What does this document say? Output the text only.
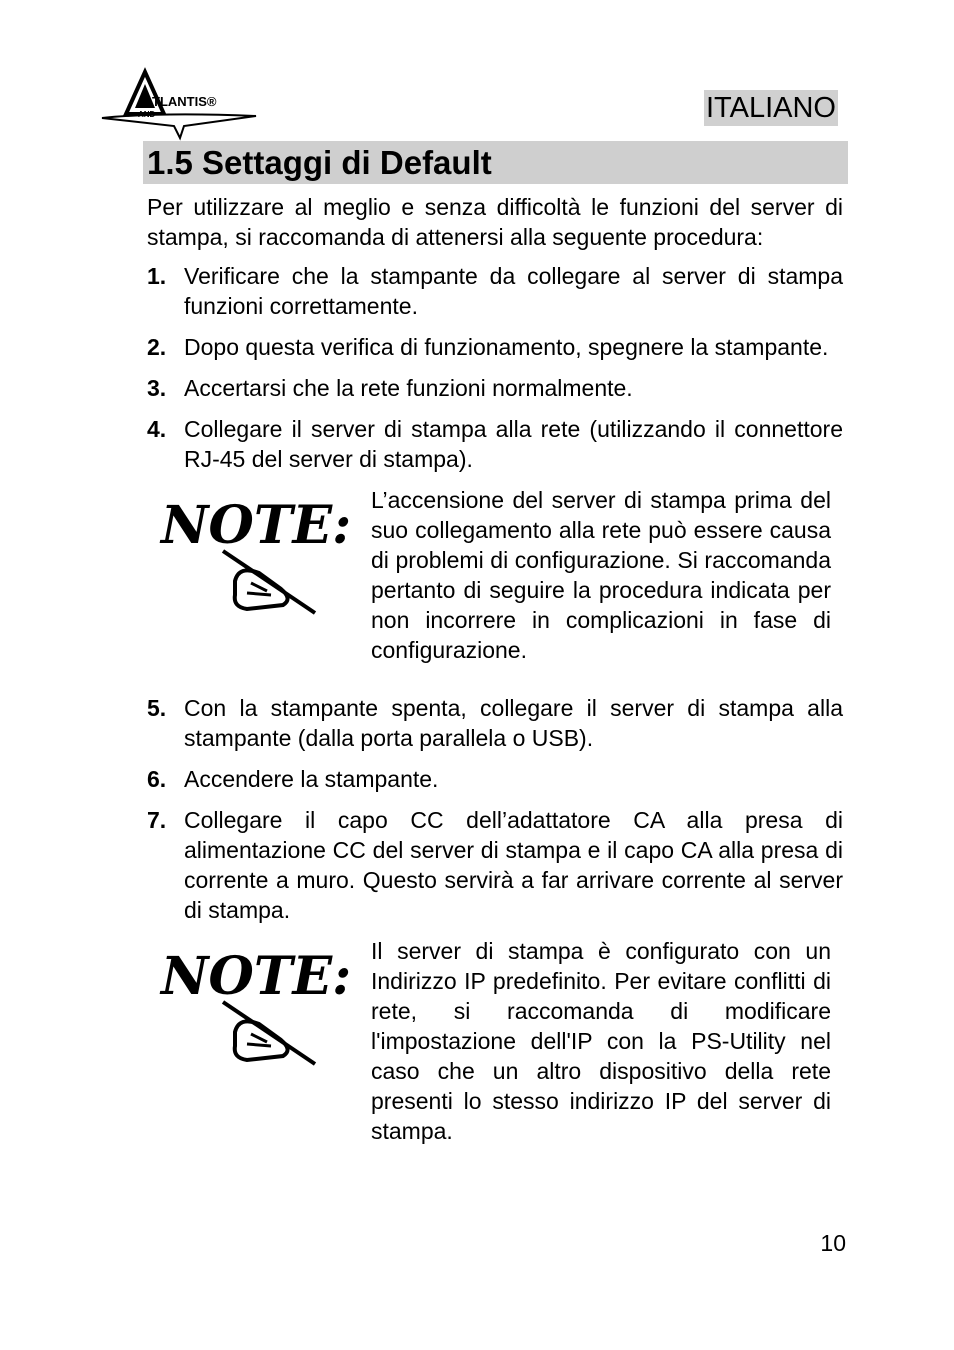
TLANTIS®
AND	ITALIANO
1.5 Settaggi di Default

Per utilizzare al meglio e senza difficoltà le funzioni del server di stampa, si raccomanda di attenersi alla seguente procedura:

1. Verificare che la stampante da collegare al server di stampa funzioni correttamente.
2. Dopo questa verifica di funzionamento, spegnere la stampante.
3. Accertarsi che la rete funzioni normalmente.
4. Collegare il server di stampa alla rete (utilizzando il connettore RJ-45 del server di stampa).
NOTE: L’accensione del server di stampa prima del suo collegamento alla rete può essere causa di problemi di configurazione. Si raccomanda pertanto di seguire la procedura indicata per non incorrere in complicazioni in fase di configurazione.

5. Con la stampante spenta, collegare il server di stampa alla stampante (dalla porta parallela o USB).
6. Accendere la stampante.
7. Collegare il capo CC dell’adattatore CA alla presa di alimentazione CC del server di stampa e il capo CA alla presa di corrente a muro. Questo servirà a far arrivare corrente al server di stampa.
NOTE: Il server di stampa è configurato con un Indirizzo IP predefinito. Per evitare conflitti di rete, si raccomanda di modificare l'impostazione dell'IP con la PS-Utility nel caso che un altro dispositivo della rete presenti lo stesso indirizzo IP del server di stampa.

10
